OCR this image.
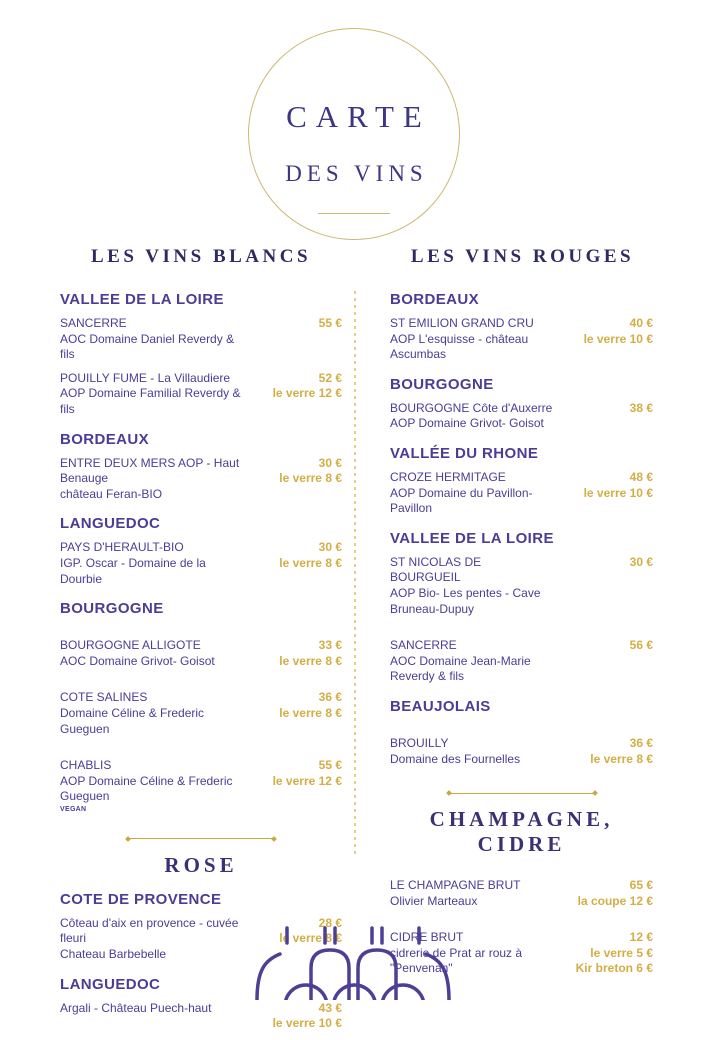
CARTE
DES VINS
LES VINS BLANCS	LES VINS ROUGES
VALLEE DE LA LOIRE
SANCERRE
AOC Domaine Daniel Reverdy & fils
55 €
POUILLY FUME - La Villaudiere
AOP Domaine Familial Reverdy & fils
52 €
le verre 12 €
BORDEAUX
ENTRE DEUX MERS AOP - Haut Benauge
château Feran-BIO
30 €
le verre 8 €
LANGUEDOC
PAYS D'HERAULT-BIO
IGP. Oscar - Domaine de la Dourbie
30 €
le verre 8 €
BOURGOGNE
BOURGOGNE ALLIGOTE
AOC Domaine Grivot- Goisot
33 €
le verre 8 €
COTE SALINES
Domaine Céline & Frederic Gueguen
36 €
le verre 8 €
CHABLIS
AOP Domaine Céline & Frederic Gueguen
VEGAN
55 €
le verre 12 €
ROSE
COTE DE PROVENCE
Côteau d'aix en provence - cuvée fleuri
Chateau Barbebelle
28 €
le verre 8 €
LANGUEDOC
Argali - Château Puech-haut	43 €
le verre 10 €
BORDEAUX
ST EMILION GRAND CRU
AOP L'esquisse - château Ascumbas
40 €
le verre 10 €
BOURGOGNE
BOURGOGNE Côte d'Auxerre
AOP Domaine Grivot- Goisot
38 €
VALLÉE DU RHONE
CROZE HERMITAGE
AOP Domaine du Pavillon-Pavillon
48 €
le verre 10 €
VALLEE DE LA LOIRE
ST NICOLAS DE BOURGUEIL
AOP Bio- Les pentes - Cave Bruneau-Dupuy
30 €
SANCERRE
AOC Domaine Jean-Marie Reverdy & fils
56 €
BEAUJOLAIS
BROUILLY
Domaine des Fournelles
36 €
le verre 8 €
CHAMPAGNE, CIDRE
LE CHAMPAGNE BRUT
Olivier Marteaux
65 €
la coupe 12 €
CIDRE BRUT
cidrerie de Prat ar rouz à "Penvenan"
12 €
le verre 5 €
Kir breton 6 €
